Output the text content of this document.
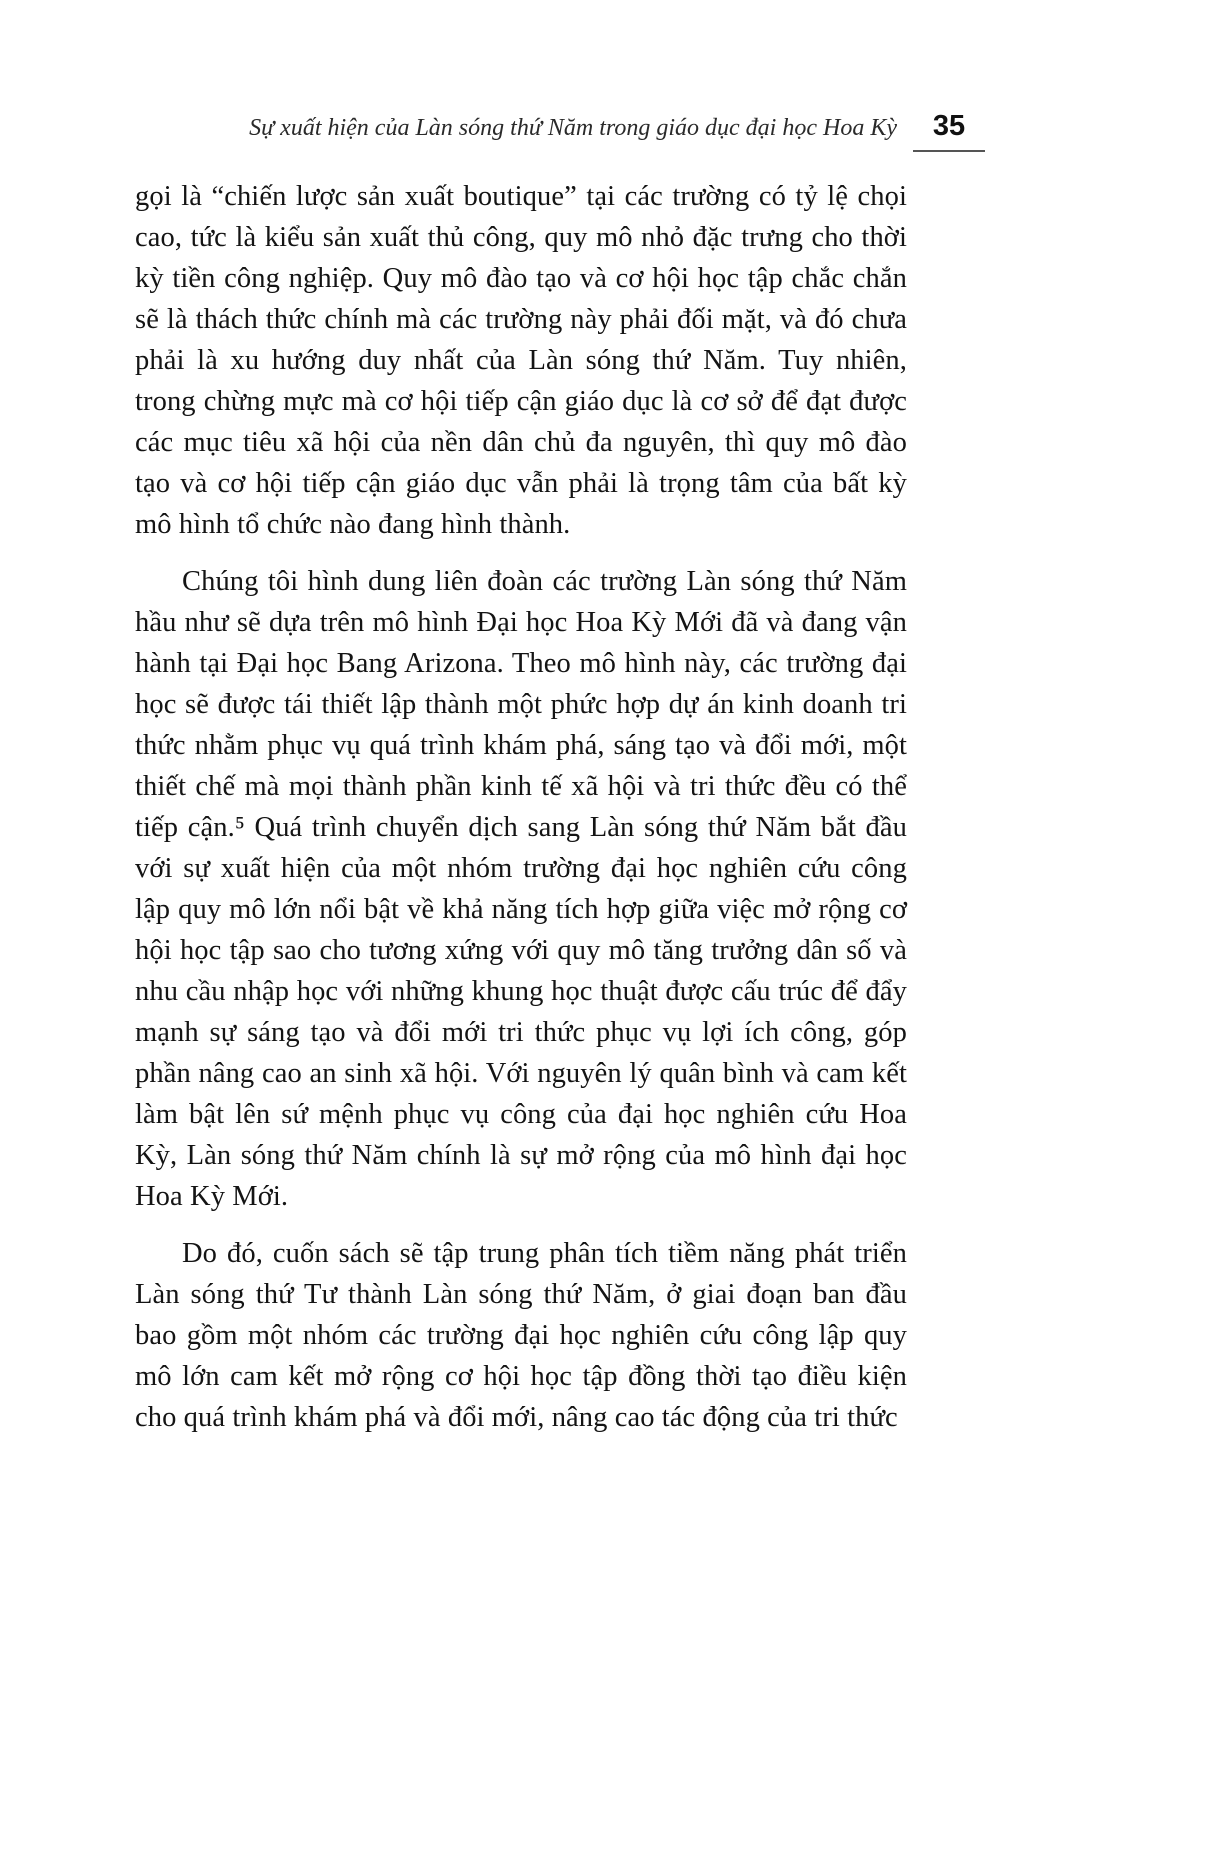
Sự xuất hiện của Làn sóng thứ Năm trong giáo dục đại học Hoa Kỳ	35

gọi là “chiến lược sản xuất boutique” tại các trường có tỷ lệ chọi cao, tức là kiểu sản xuất thủ công, quy mô nhỏ đặc trưng cho thời kỳ tiền công nghiệp. Quy mô đào tạo và cơ hội học tập chắc chắn sẽ là thách thức chính mà các trường này phải đối mặt, và đó chưa phải là xu hướng duy nhất của Làn sóng thứ Năm. Tuy nhiên, trong chừng mực mà cơ hội tiếp cận giáo dục là cơ sở để đạt được các mục tiêu xã hội của nền dân chủ đa nguyên, thì quy mô đào tạo và cơ hội tiếp cận giáo dục vẫn phải là trọng tâm của bất kỳ mô hình tổ chức nào đang hình thành.

Chúng tôi hình dung liên đoàn các trường Làn sóng thứ Năm hầu như sẽ dựa trên mô hình Đại học Hoa Kỳ Mới đã và đang vận hành tại Đại học Bang Arizona. Theo mô hình này, các trường đại học sẽ được tái thiết lập thành một phức hợp dự án kinh doanh tri thức nhằm phục vụ quá trình khám phá, sáng tạo và đổi mới, một thiết chế mà mọi thành phần kinh tế xã hội và tri thức đều có thể tiếp cận.⁵ Quá trình chuyển dịch sang Làn sóng thứ Năm bắt đầu với sự xuất hiện của một nhóm trường đại học nghiên cứu công lập quy mô lớn nổi bật về khả năng tích hợp giữa việc mở rộng cơ hội học tập sao cho tương xứng với quy mô tăng trưởng dân số và nhu cầu nhập học với những khung học thuật được cấu trúc để đẩy mạnh sự sáng tạo và đổi mới tri thức phục vụ lợi ích công, góp phần nâng cao an sinh xã hội. Với nguyên lý quân bình và cam kết làm bật lên sứ mệnh phục vụ công của đại học nghiên cứu Hoa Kỳ, Làn sóng thứ Năm chính là sự mở rộng của mô hình đại học Hoa Kỳ Mới.

Do đó, cuốn sách sẽ tập trung phân tích tiềm năng phát triển Làn sóng thứ Tư thành Làn sóng thứ Năm, ở giai đoạn ban đầu bao gồm một nhóm các trường đại học nghiên cứu công lập quy mô lớn cam kết mở rộng cơ hội học tập đồng thời tạo điều kiện cho quá trình khám phá và đổi mới, nâng cao tác động của tri thức
